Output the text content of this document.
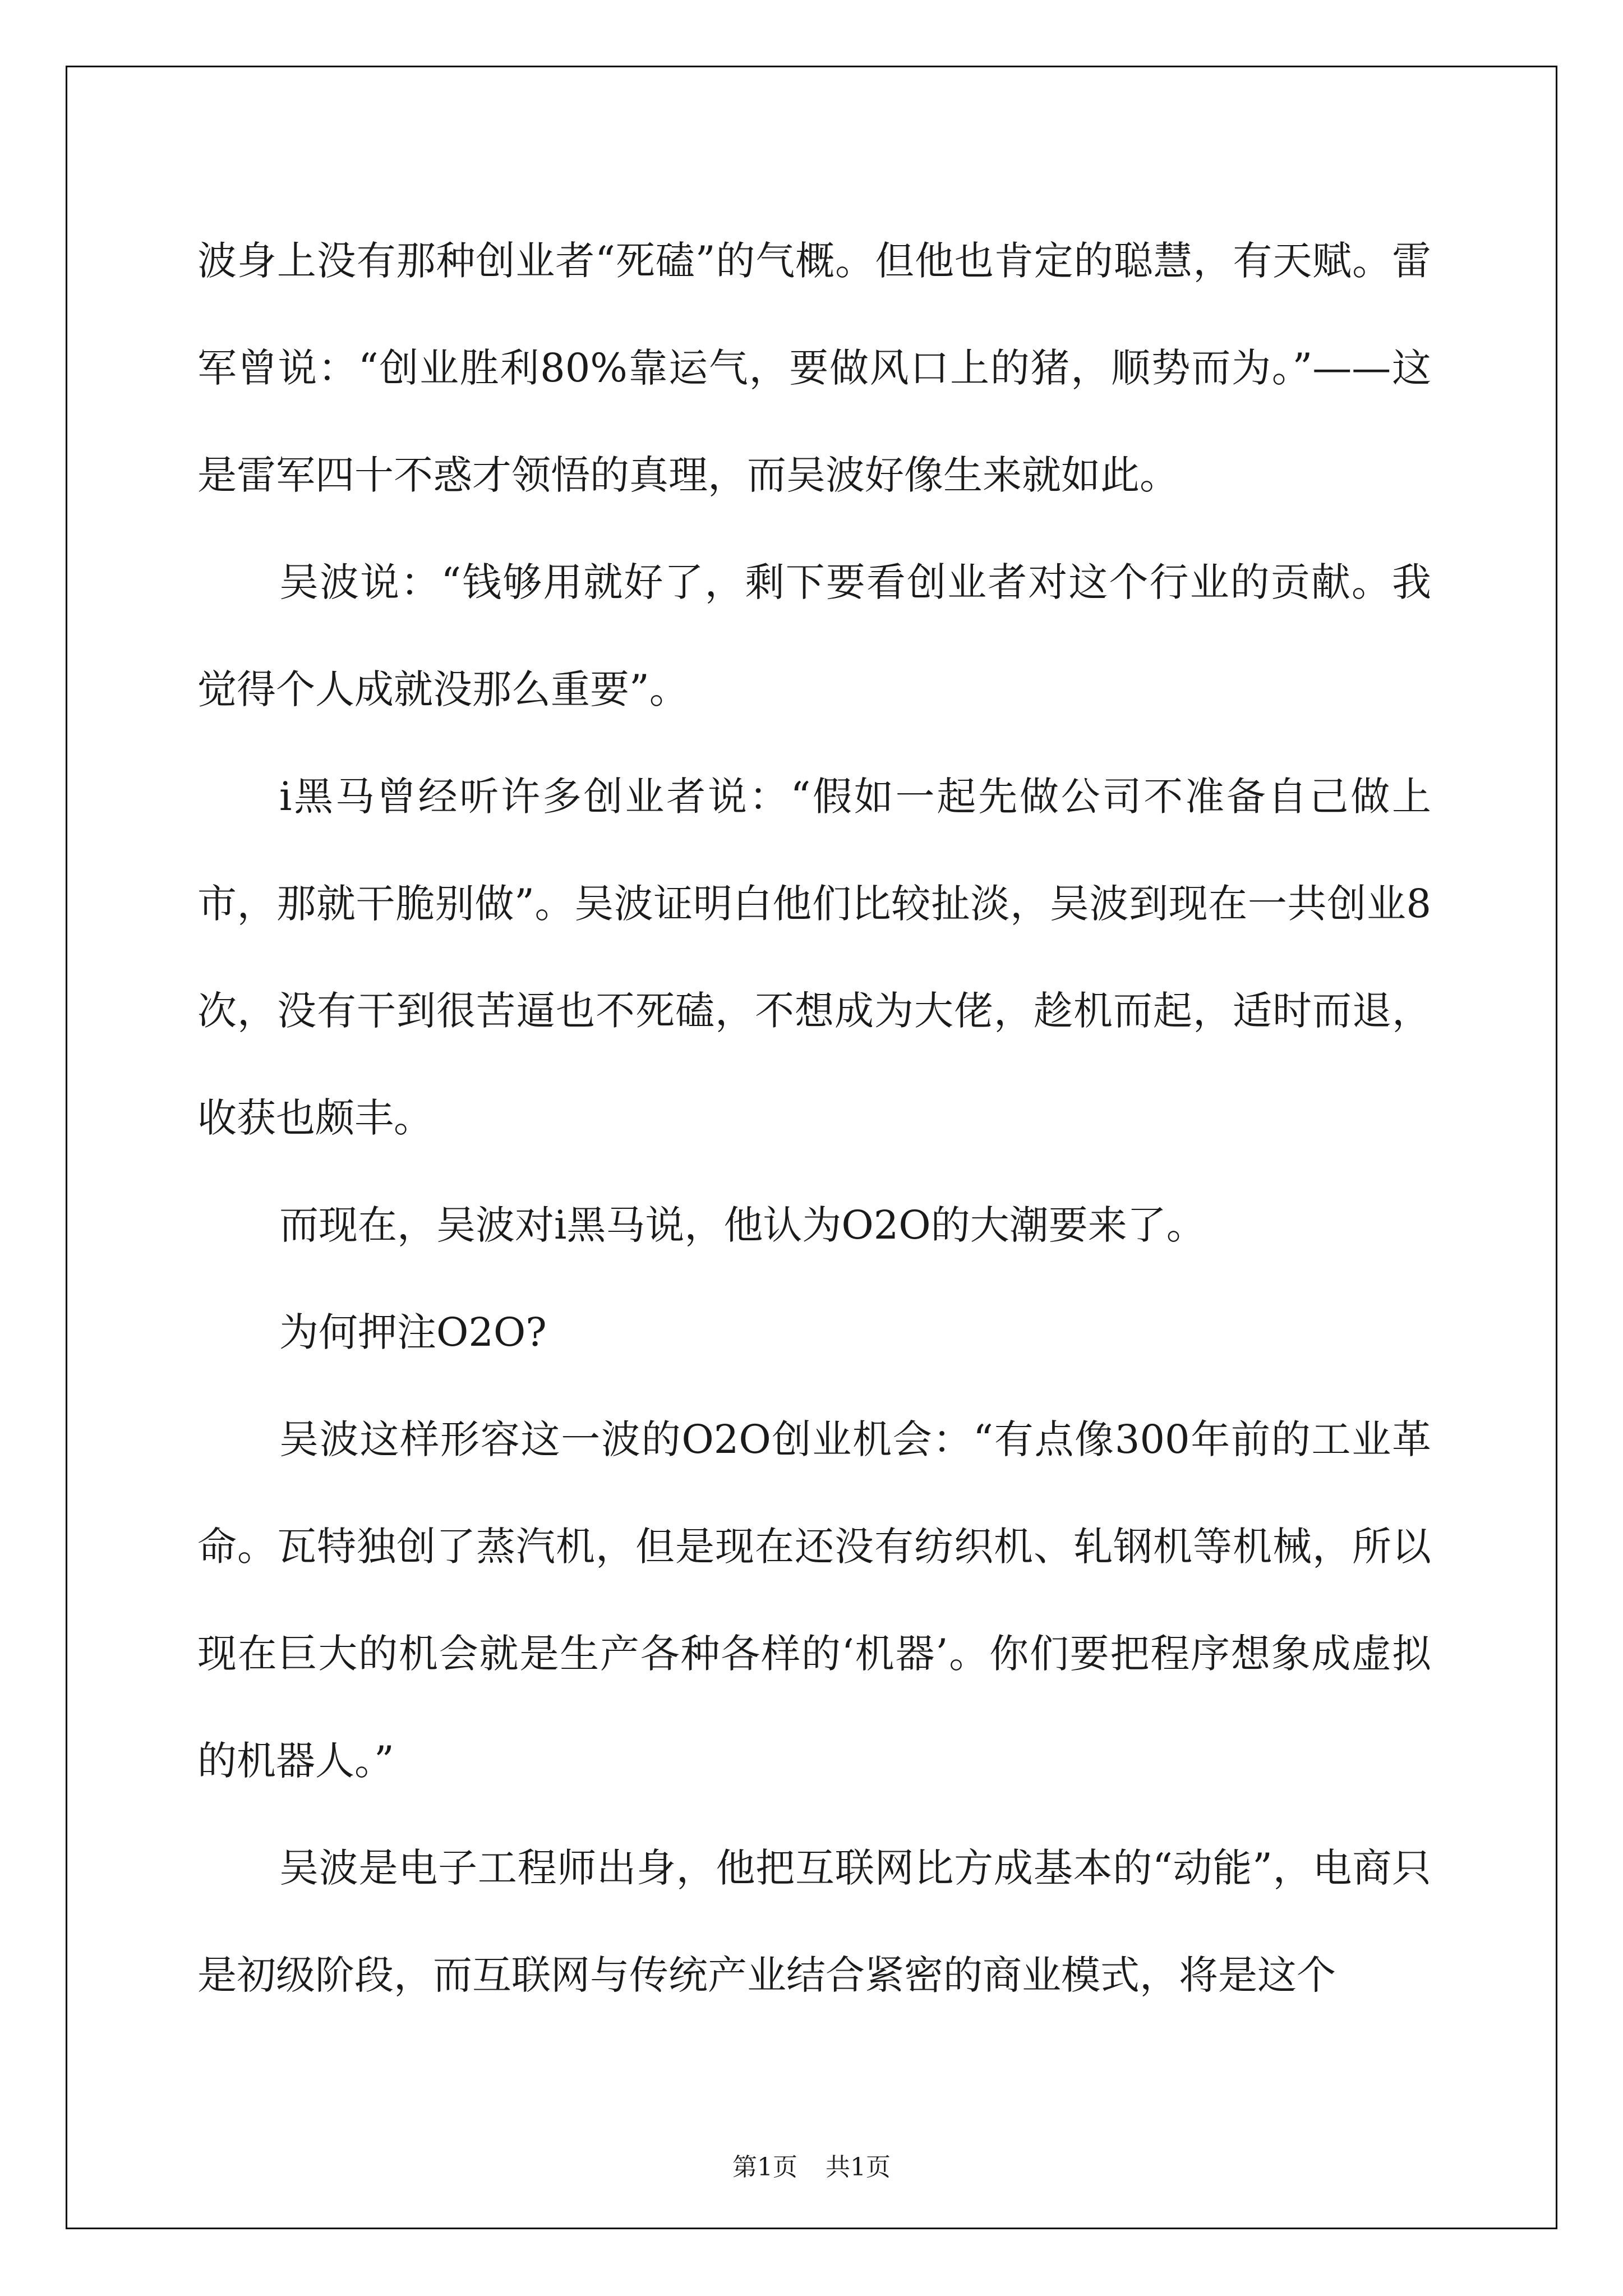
波身上没有那种创业者“死磕”的气概。但他也肯定的聪慧，有天赋。雷军曾说：“创业胜利80%靠运气，要做风口上的猪，顺势而为。”——这是雷军四十不惑才领悟的真理，而吴波好像生来就如此。

吴波说：“钱够用就好了，剩下要看创业者对这个行业的贡献。我觉得个人成就没那么重要”。

i黑马曾经听许多创业者说：“假如一起先做公司不准备自己做上市，那就干脆别做”。吴波证明白他们比较扯淡，吴波到现在一共创业8次，没有干到很苦逼也不死磕，不想成为大佬，趁机而起，适时而退，收获也颇丰。

而现在，吴波对i黑马说，他认为O2O的大潮要来了。

为何押注O2O?

吴波这样形容这一波的O2O创业机会：“有点像300年前的工业革命。瓦特独创了蒸汽机，但是现在还没有纺织机、轧钢机等机械，所以现在巨大的机会就是生产各种各样的‘机器’。你们要把程序想象成虚拟的机器人。”

吴波是电子工程师出身，他把互联网比方成基本的“动能”，电商只是初级阶段，而互联网与传统产业结合紧密的商业模式，将是这个

第1页 共1页
